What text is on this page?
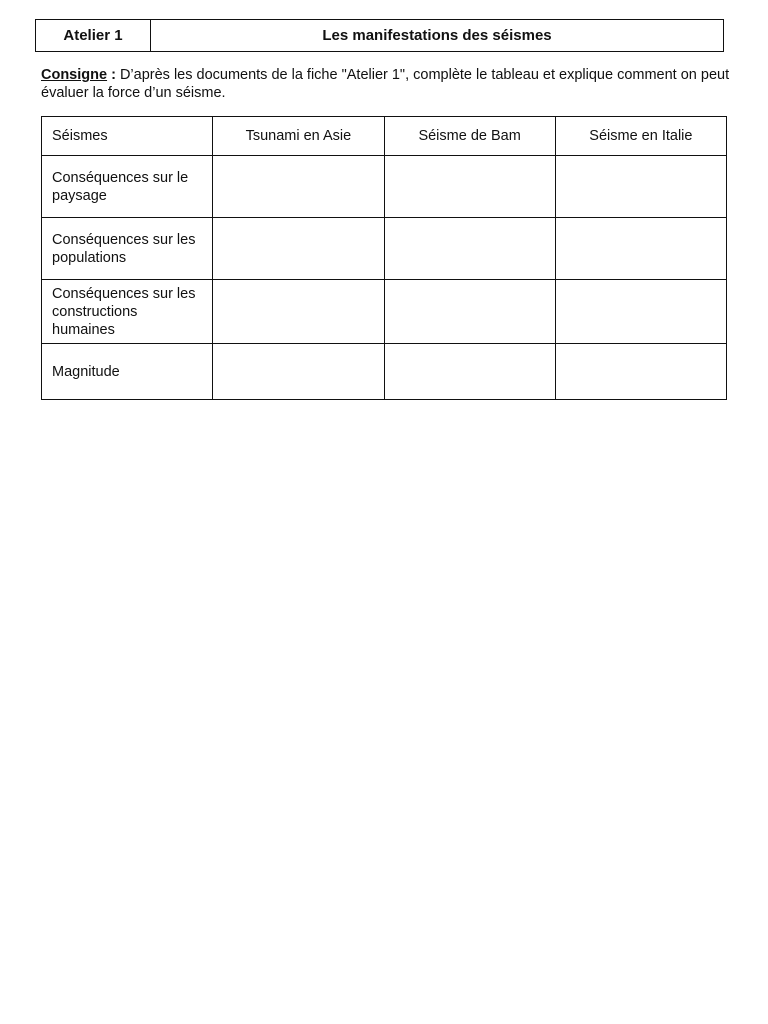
Atelier 1	Les manifestations des séismes
Consigne : D’après les documents de la fiche "Atelier 1", complète le tableau et explique comment on peut évaluer la force d’un séisme.
Séismes	Tsunami en Asie	Séisme de Bam	Séisme en Italie
Conséquences sur le paysage			
Conséquences sur les populations			
Conséquences sur les constructions humaines			
Magnitude			
